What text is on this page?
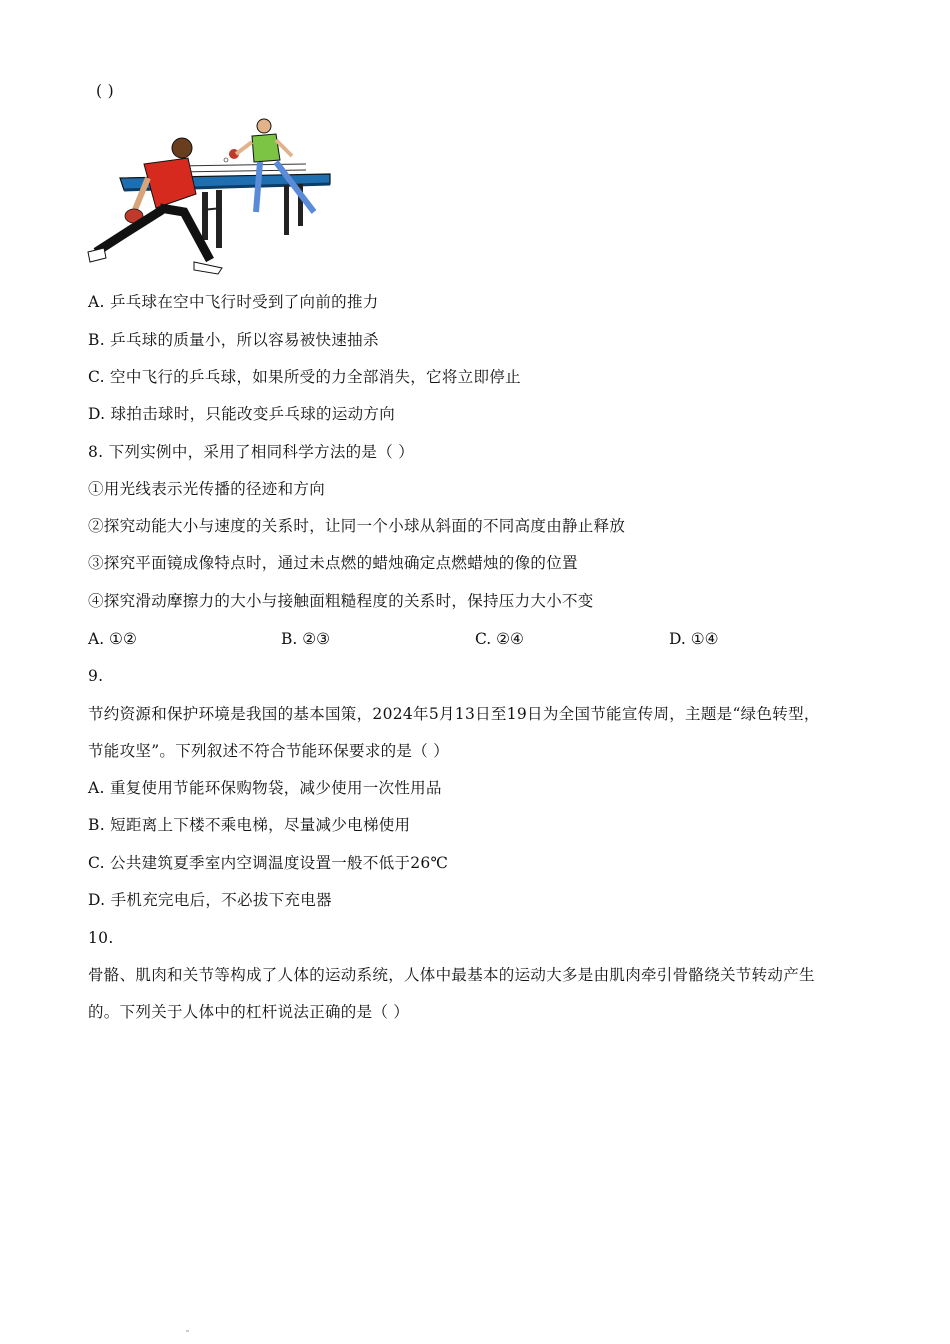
( )
A. 乒乓球在空中飞行时受到了向前的推力
B. 乒乓球的质量小，所以容易被快速抽杀
C. 空中飞行的乒乓球，如果所受的力全部消失，它将立即停止
D. 球拍击球时，只能改变乒乓球的运动方向
8. 下列实例中，采用了相同科学方法的是（ ）
①用光线表示光传播的径迹和方向
②探究动能大小与速度的关系时，让同一个小球从斜面的不同高度由静止释放
③探究平面镜成像特点时，通过未点燃的蜡烛确定点燃蜡烛的像的位置
④探究滑动摩擦力的大小与接触面粗糙程度的关系时，保持压力大小不变
A. ①②	B. ②③	C. ②④	D. ①④
9.
节约资源和保护环境是我国的基本国策，2024年5月13日至19日为全国节能宣传周，主题是“绿色转型，
节能攻坚”。下列叙述不符合节能环保要求的是（ ）
A. 重复使用节能环保购物袋，减少使用一次性用品
B. 短距离上下楼不乘电梯，尽量减少电梯使用
C. 公共建筑夏季室内空调温度设置一般不低于26℃
D. 手机充完电后，不必拔下充电器
10.
骨骼、肌肉和关节等构成了人体的运动系统，人体中最基本的运动大多是由肌肉牵引骨骼绕关节转动产生
的。下列关于人体中的杠杆说法正确的是（ ）
